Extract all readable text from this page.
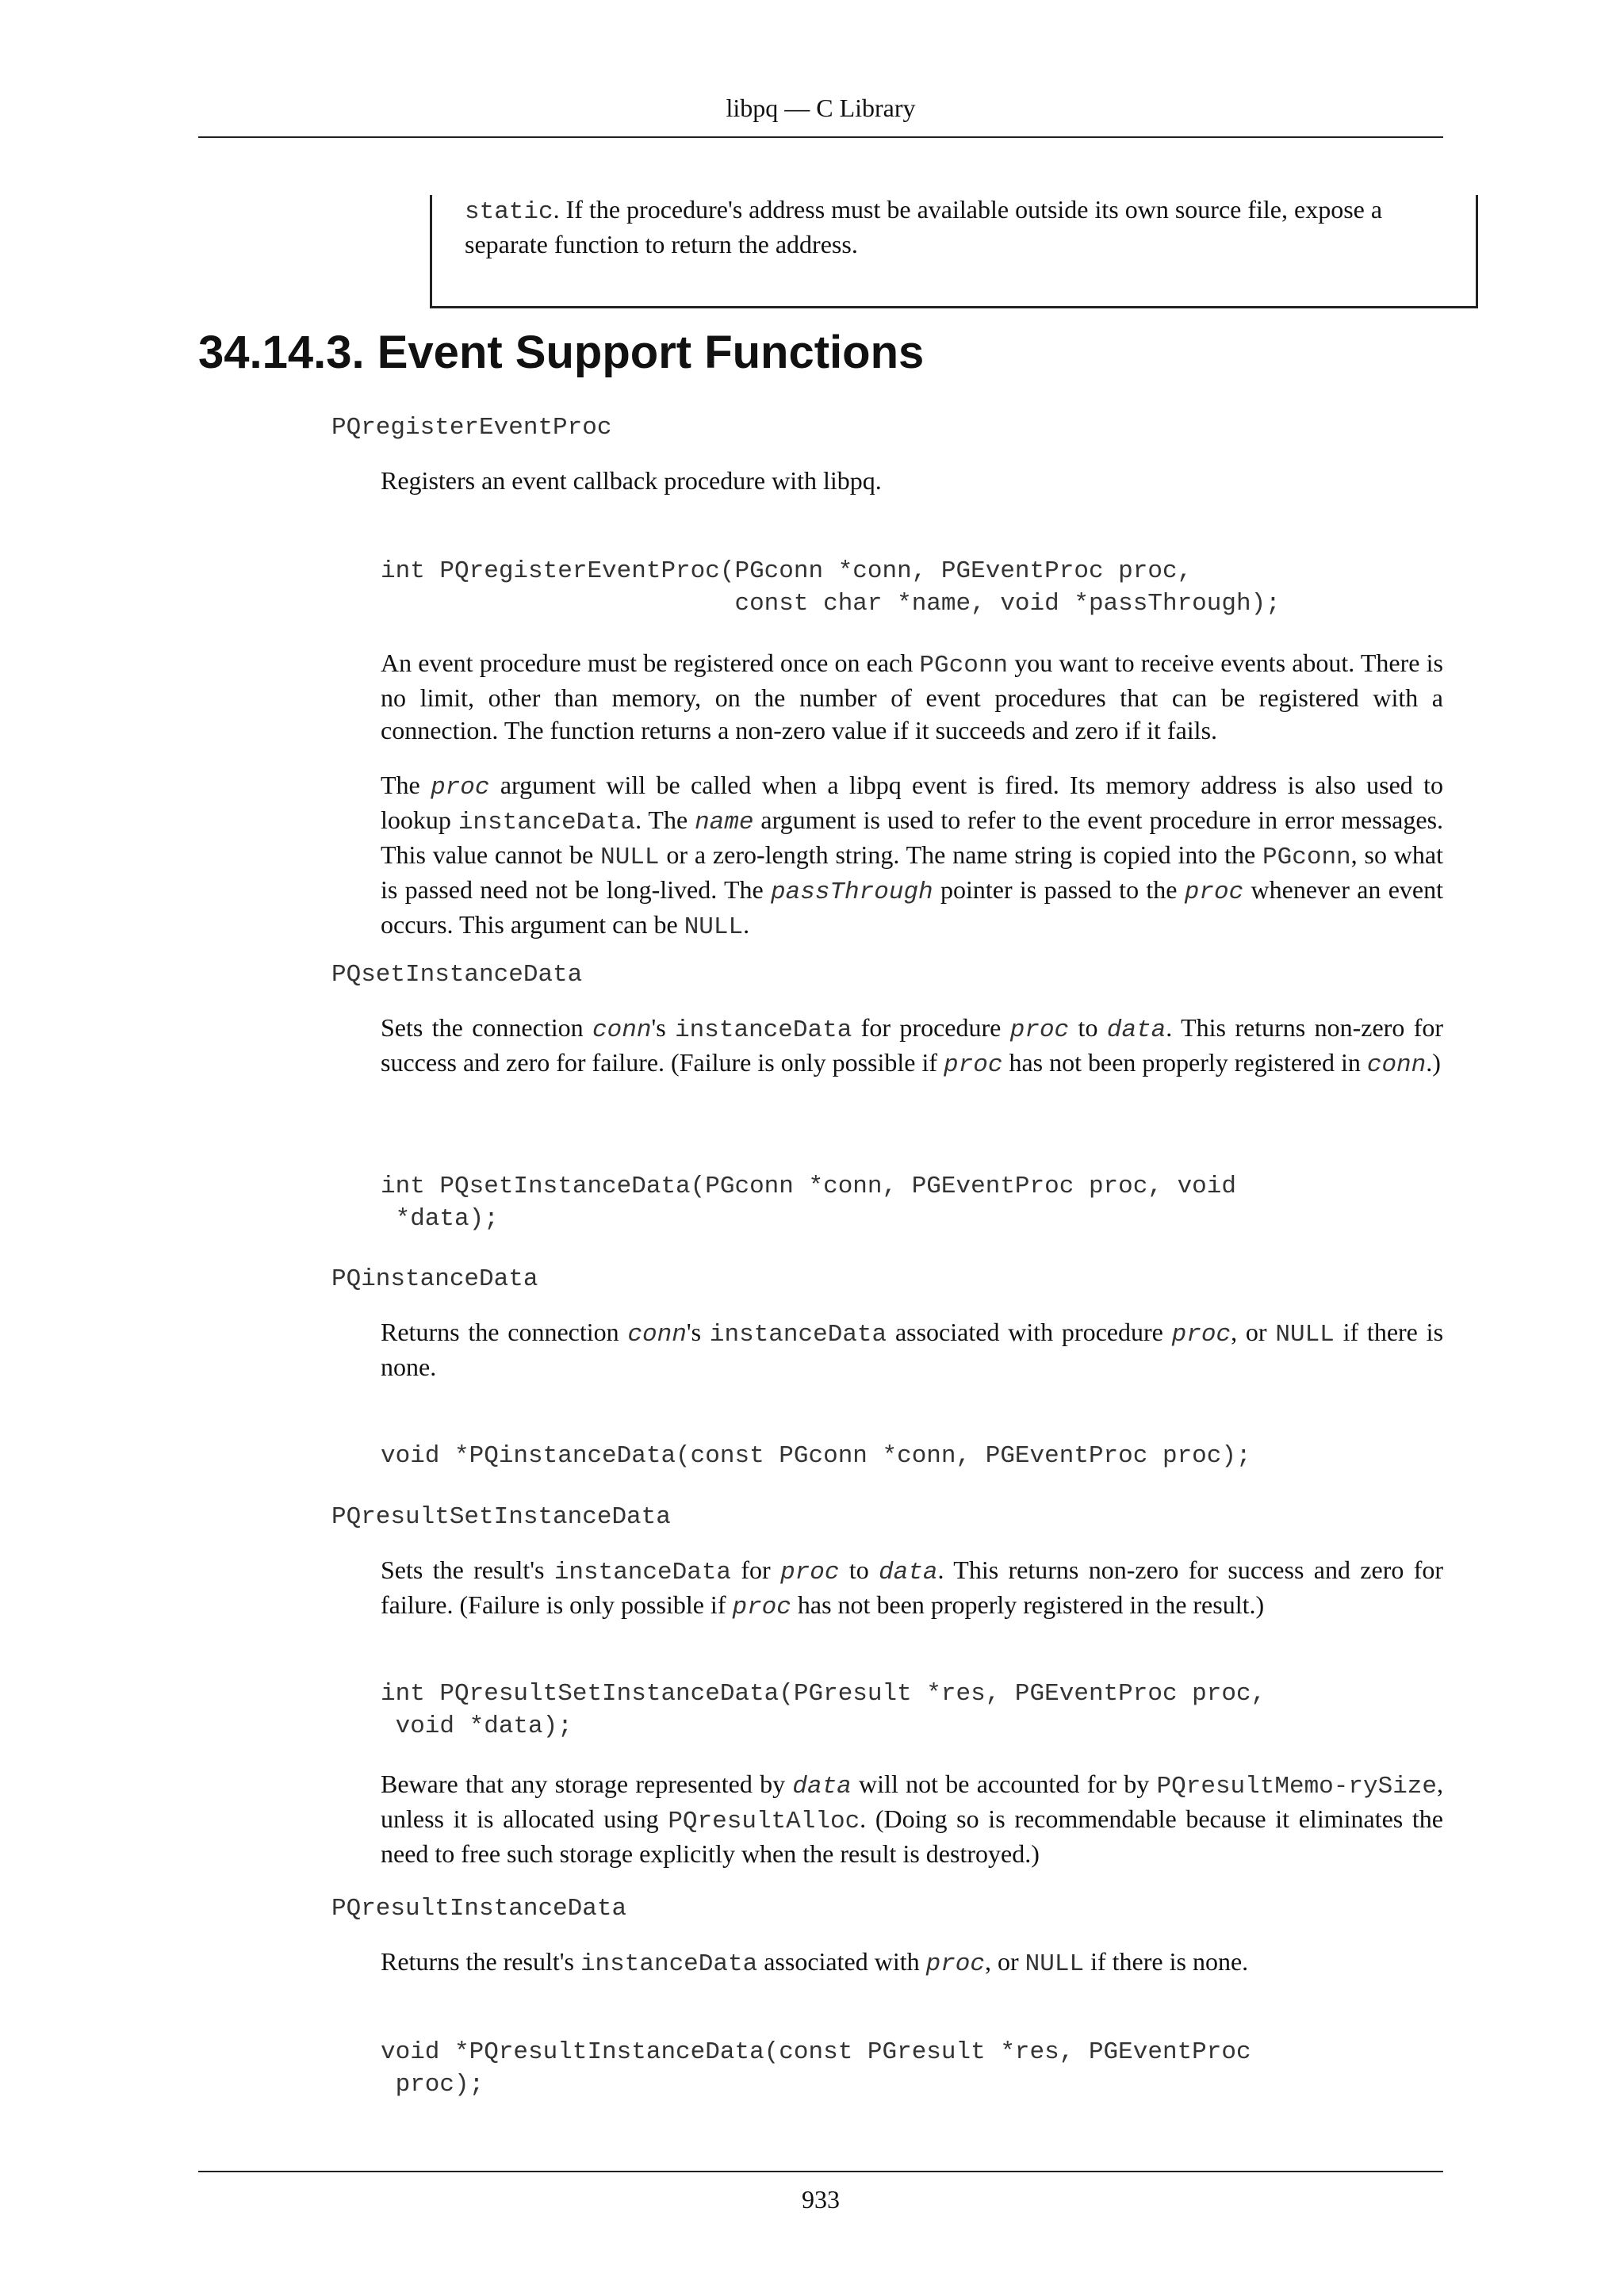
libpq — C Library
static. If the procedure's address must be available outside its own source file, expose a separate function to return the address.
34.14.3. Event Support Functions
PQregisterEventProc
Registers an event callback procedure with libpq.
int PQregisterEventProc(PGconn *conn, PGEventProc proc,
const char *name, void *passThrough);
An event procedure must be registered once on each PGconn you want to receive events about. There is no limit, other than memory, on the number of event procedures that can be registered with a connection. The function returns a non-zero value if it succeeds and zero if it fails.
The proc argument will be called when a libpq event is fired. Its memory address is also used to lookup instanceData. The name argument is used to refer to the event procedure in error messages. This value cannot be NULL or a zero-length string. The name string is copied into the PGconn, so what is passed need not be long-lived. The passThrough pointer is passed to the proc whenever an event occurs. This argument can be NULL.
PQsetInstanceData
Sets the connection conn's instanceData for procedure proc to data. This returns non-zero for success and zero for failure. (Failure is only possible if proc has not been properly registered in conn.)
int PQsetInstanceData(PGconn *conn, PGEventProc proc, void
*data);
PQinstanceData
Returns the connection conn's instanceData associated with procedure proc, or NULL if there is none.
void *PQinstanceData(const PGconn *conn, PGEventProc proc);
PQresultSetInstanceData
Sets the result's instanceData for proc to data. This returns non-zero for success and zero for failure. (Failure is only possible if proc has not been properly registered in the result.)
int PQresultSetInstanceData(PGresult *res, PGEventProc proc,
void *data);
Beware that any storage represented by data will not be accounted for by PQresultMemo-rySize, unless it is allocated using PQresultAlloc. (Doing so is recommendable because it eliminates the need to free such storage explicitly when the result is destroyed.)
PQresultInstanceData
Returns the result's instanceData associated with proc, or NULL if there is none.
void *PQresultInstanceData(const PGresult *res, PGEventProc
proc);
933
